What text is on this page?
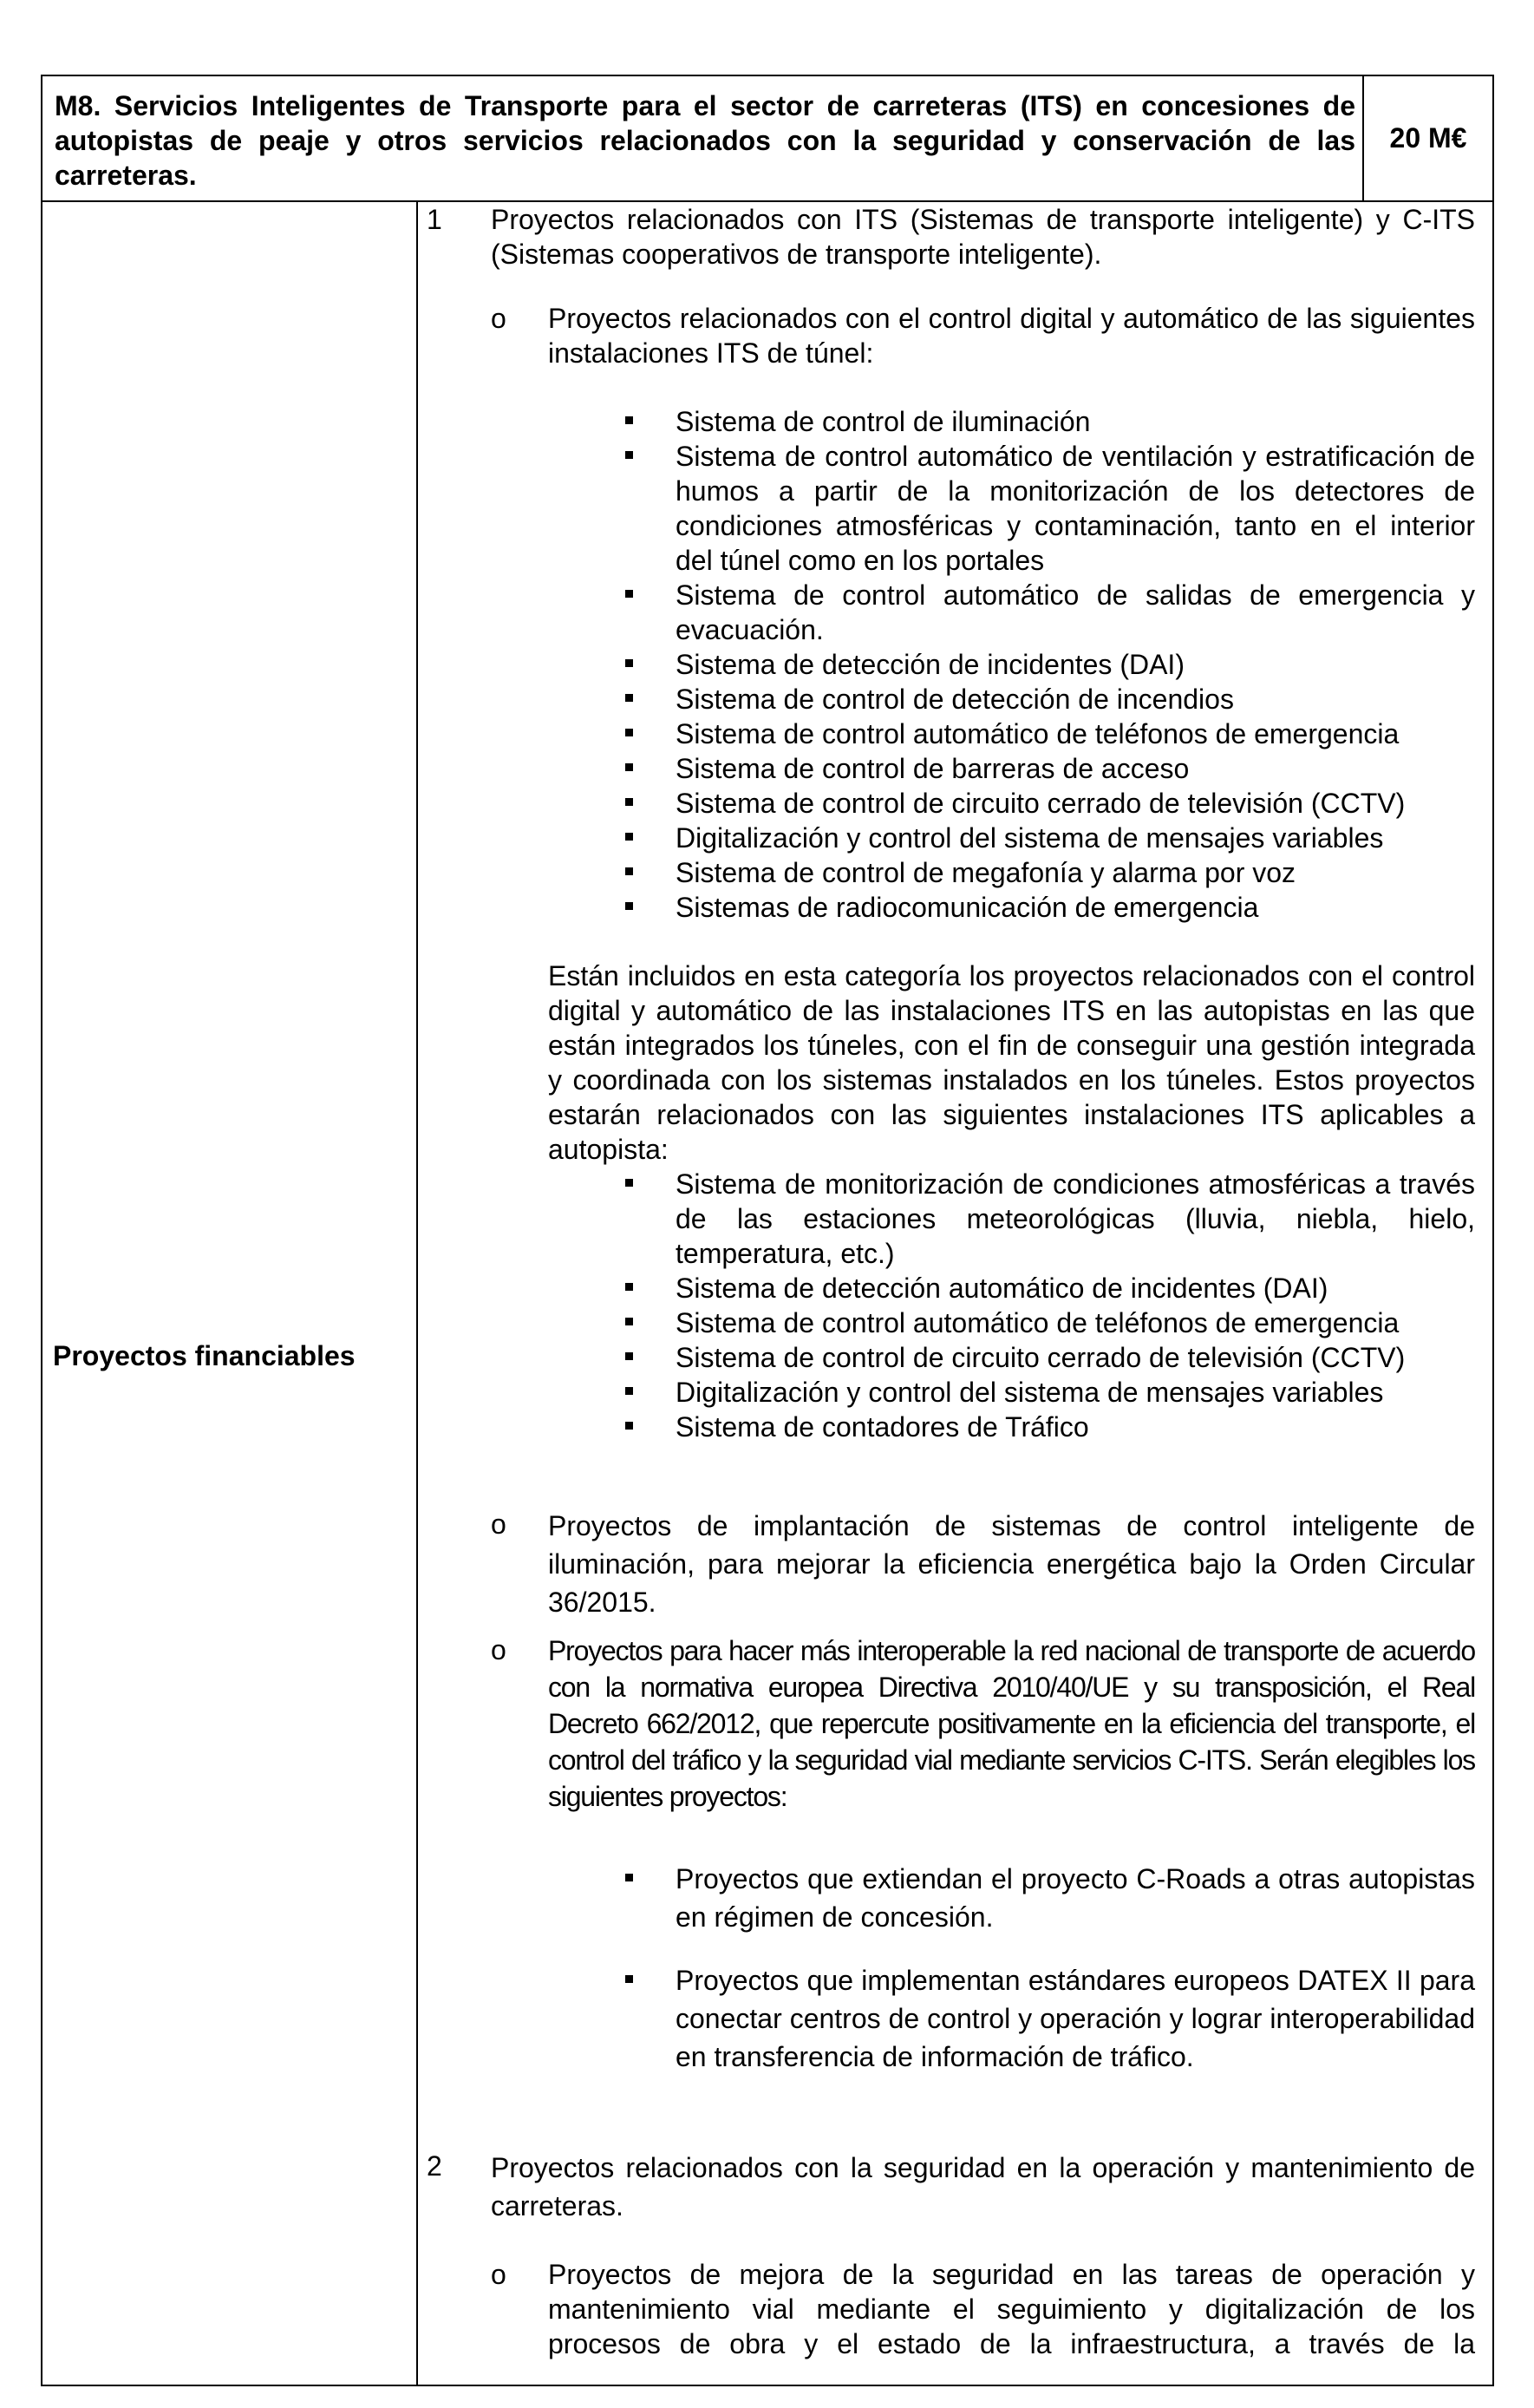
M8. Servicios Inteligentes de Transporte para el sector de carreteras (ITS) en concesiones de autopistas de peaje y otros servicios relacionados con la seguridad y conservación de las carreteras.
20 M€
Proyectos financiables
1 Proyectos relacionados con ITS (Sistemas de transporte inteligente) y C-ITS (Sistemas cooperativos de transporte inteligente).
o Proyectos relacionados con el control digital y automático de las siguientes instalaciones ITS de túnel:
Sistema de control de iluminación
Sistema de control automático de ventilación y estratificación de humos a partir de la monitorización de los detectores de condiciones atmosféricas y contaminación, tanto en el interior del túnel como en los portales
Sistema de control automático de salidas de emergencia y evacuación.
Sistema de detección de incidentes (DAI)
Sistema de control de detección de incendios
Sistema de control automático de teléfonos de emergencia
Sistema de control de barreras de acceso
Sistema de control de circuito cerrado de televisión (CCTV)
Digitalización y control del sistema de mensajes variables
Sistema de control de megafonía y alarma por voz
Sistemas de radiocomunicación de emergencia
Están incluidos en esta categoría los proyectos relacionados con el control digital y automático de las instalaciones ITS en las autopistas en las que están integrados los túneles, con el fin de conseguir una gestión integrada y coordinada con los sistemas instalados en los túneles. Estos proyectos estarán relacionados con las siguientes instalaciones ITS aplicables a autopista:
Sistema de monitorización de condiciones atmosféricas a través de las estaciones meteorológicas (lluvia, niebla, hielo, temperatura, etc.)
Sistema de detección automático de incidentes (DAI)
Sistema de control automático de teléfonos de emergencia
Sistema de control de circuito cerrado de televisión (CCTV)
Digitalización y control del sistema de mensajes variables
Sistema de contadores de Tráfico
o Proyectos de implantación de sistemas de control inteligente de iluminación, para mejorar la eficiencia energética bajo la Orden Circular 36/2015.
o Proyectos para hacer más interoperable la red nacional de transporte de acuerdo con la normativa europea Directiva 2010/40/UE y su transposición, el Real Decreto 662/2012, que repercute positivamente en la eficiencia del transporte, el control del tráfico y la seguridad vial mediante servicios C-ITS. Serán elegibles los siguientes proyectos:
Proyectos que extiendan el proyecto C-Roads a otras autopistas en régimen de concesión.
Proyectos que implementan estándares europeos DATEX II para conectar centros de control y operación y lograr interoperabilidad en transferencia de información de tráfico.
2 Proyectos relacionados con la seguridad en la operación y mantenimiento de carreteras.
o Proyectos de mejora de la seguridad en las tareas de operación y mantenimiento vial mediante el seguimiento y digitalización de los procesos de obra y el estado de la infraestructura, a través de la
